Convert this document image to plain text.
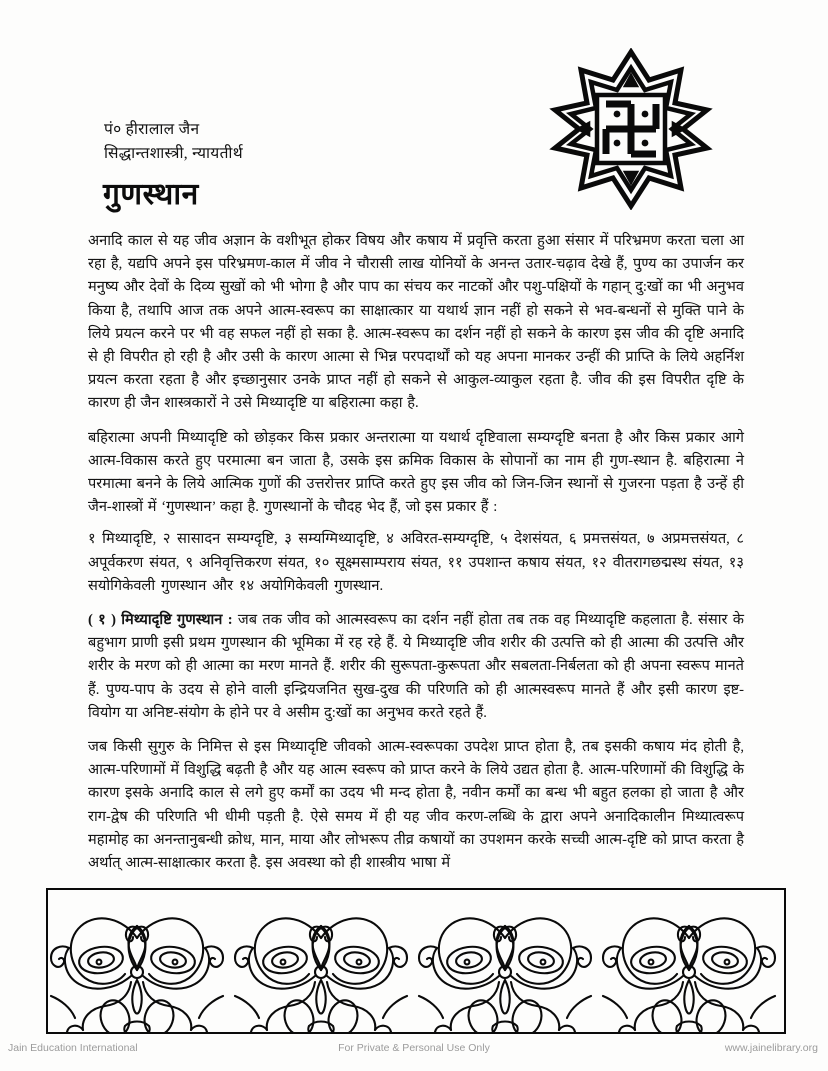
पं० हीरालाल जैन
सिद्धान्तशास्त्री, न्यायतीर्थ
गुणस्थान

अनादि काल से यह जीव अज्ञान के वशीभूत होकर विषय और कषाय में प्रवृत्ति करता हुआ संसार में परिभ्रमण करता चला आ रहा है, यद्यपि अपने इस परिभ्रमण-काल में जीव ने चौरासी लाख योनियों के अनन्त उतार-चढ़ाव देखे हैं, पुण्य का उपार्जन कर मनुष्य और देवों के दिव्य सुखों को भी भोगा है और पाप का संचय कर नाटकों और पशु-पक्षियों के गहान् दु:खों का भी अनुभव किया है, तथापि आज तक अपने आत्म-स्वरूप का साक्षात्कार या यथार्थ ज्ञान नहीं हो सकने से भव-बन्धनों से मुक्ति पाने के लिये प्रयत्न करने पर भी वह सफल नहीं हो सका है. आत्म-स्वरूप का दर्शन नहीं हो सकने के कारण इस जीव की दृष्टि अनादि से ही विपरीत हो रही है और उसी के कारण आत्मा से भिन्न परपदार्थों को यह अपना मानकर उन्हीं की प्राप्ति के लिये अहर्निश प्रयत्न करता रहता है और इच्छानुसार उनके प्राप्त नहीं हो सकने से आकुल-व्याकुल रहता है. जीव की इस विपरीत दृष्टि के कारण ही जैन शास्त्रकारों ने उसे मिथ्यादृष्टि या बहिरात्मा कहा है.

बहिरात्मा अपनी मिथ्यादृष्टि को छोड़कर किस प्रकार अन्तरात्मा या यथार्थ दृष्टिवाला सम्यग्दृष्टि बनता है और किस प्रकार आगे आत्म-विकास करते हुए परमात्मा बन जाता है, उसके इस क्रमिक विकास के सोपानों का नाम ही गुण-स्थान है. बहिरात्मा ने परमात्मा बनने के लिये आत्मिक गुणों की उत्तरोत्तर प्राप्ति करते हुए इस जीव को जिन-जिन स्थानों से गुजरना पड़ता है उन्हें ही जैन-शास्त्रों में ‘गुणस्थान’ कहा है. गुणस्थानों के चौदह भेद हैं, जो इस प्रकार हैं :

१ मिथ्यादृष्टि, २ सासादन सम्यग्दृष्टि, ३ सम्यग्मिथ्यादृष्टि, ४ अविरत-सम्यग्दृष्टि, ५ देशसंयत, ६ प्रमत्तसंयत, ७ अप्रमत्तसंयत, ८ अपूर्वकरण संयत, ९ अनिवृत्तिकरण संयत, १० सूक्ष्मसाम्पराय संयत, ११ उपशान्त कषाय संयत, १२ वीतरागछद्मस्थ संयत, १३ सयोगिकेवली गुणस्थान और १४ अयोगिकेवली गुणस्थान.

( १ ) मिथ्यादृष्टि गुणस्थान : जब तक जीव को आत्मस्वरूप का दर्शन नहीं होता तब तक वह मिथ्यादृष्टि कहलाता है. संसार के बहुभाग प्राणी इसी प्रथम गुणस्थान की भूमिका में रह रहे हैं. ये मिथ्यादृष्टि जीव शरीर की उत्पत्ति को ही आत्मा की उत्पत्ति और शरीर के मरण को ही आत्मा का मरण मानते हैं. शरीर की सुरूपता-कुरूपता और सबलता-निर्बलता को ही अपना स्वरूप मानते हैं. पुण्य-पाप के उदय से होने वाली इन्द्रियजनित सुख-दुख की परिणति को ही आत्मस्वरूप मानते हैं और इसी कारण इष्ट-वियोग या अनिष्ट-संयोग के होने पर वे असीम दु:खों का अनुभव करते रहते हैं.

जब किसी सुगुरु के निमित्त से इस मिथ्यादृष्टि जीवको आत्म-स्वरूपका उपदेश प्राप्त होता है, तब इसकी कषाय मंद होती है, आत्म-परिणामों में विशुद्धि बढ़ती है और यह आत्म स्वरूप को प्राप्त करने के लिये उद्यत होता है. आत्म-परिणामों की विशुद्धि के कारण इसके अनादि काल से लगे हुए कर्मों का उदय भी मन्द होता है, नवीन कर्मों का बन्ध भी बहुत हलका हो जाता है और राग-द्वेष की परिणति भी धीमी पड़ती है. ऐसे समय में ही यह जीव करण-लब्धि के द्वारा अपने अनादिकालीन मिथ्यात्वरूप महामोह का अनन्तानुबन्धी क्रोध, मान, माया और लोभरूप तीव्र कषायों का उपशमन करके सच्ची आत्म-दृष्टि को प्राप्त करता है अर्थात् आत्म-साक्षात्कार करता है. इस अवस्था को ही शास्त्रीय भाषा में

Jain Education International	For Private & Personal Use Only	www.jainelibrary.org
